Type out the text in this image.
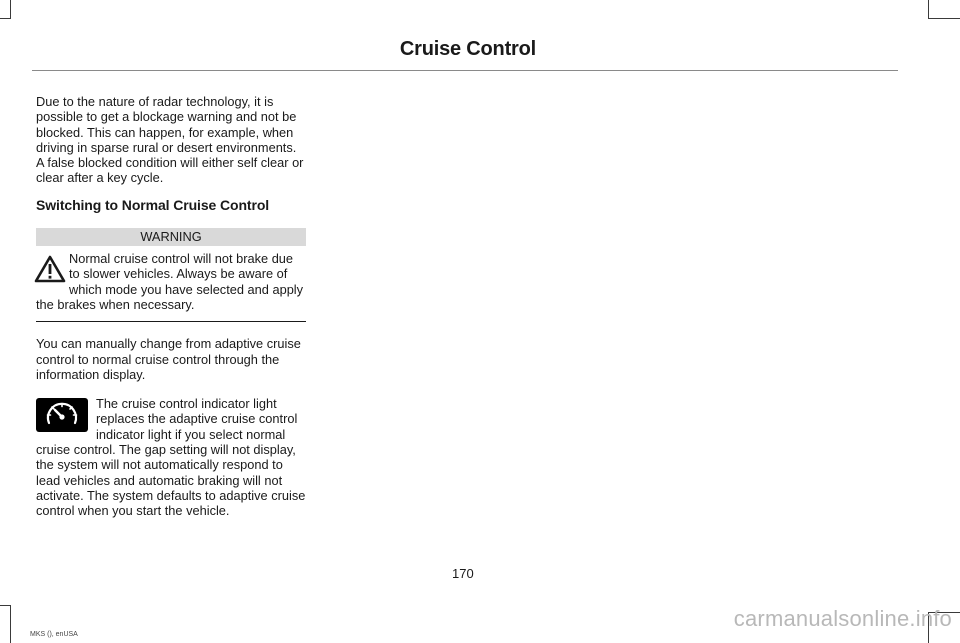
Cruise Control

Due to the nature of radar technology, it is possible to get a blockage warning and not be blocked. This can happen, for example, when driving in sparse rural or desert environments. A false blocked condition will either self clear or clear after a key cycle.

Switching to Normal Cruise Control
WARNING

Normal cruise control will not brake due to slower vehicles. Always be aware of which mode you have selected and apply the brakes when necessary.

You can manually change from adaptive cruise control to normal cruise control through the information display.

The cruise control indicator light replaces the adaptive cruise control indicator light if you select normal cruise control. The gap setting will not display, the system will not automatically respond to lead vehicles and automatic braking will not activate. The system defaults to adaptive cruise control when you start the vehicle.

170
MKS (), enUSA
carmanualsonline.info
